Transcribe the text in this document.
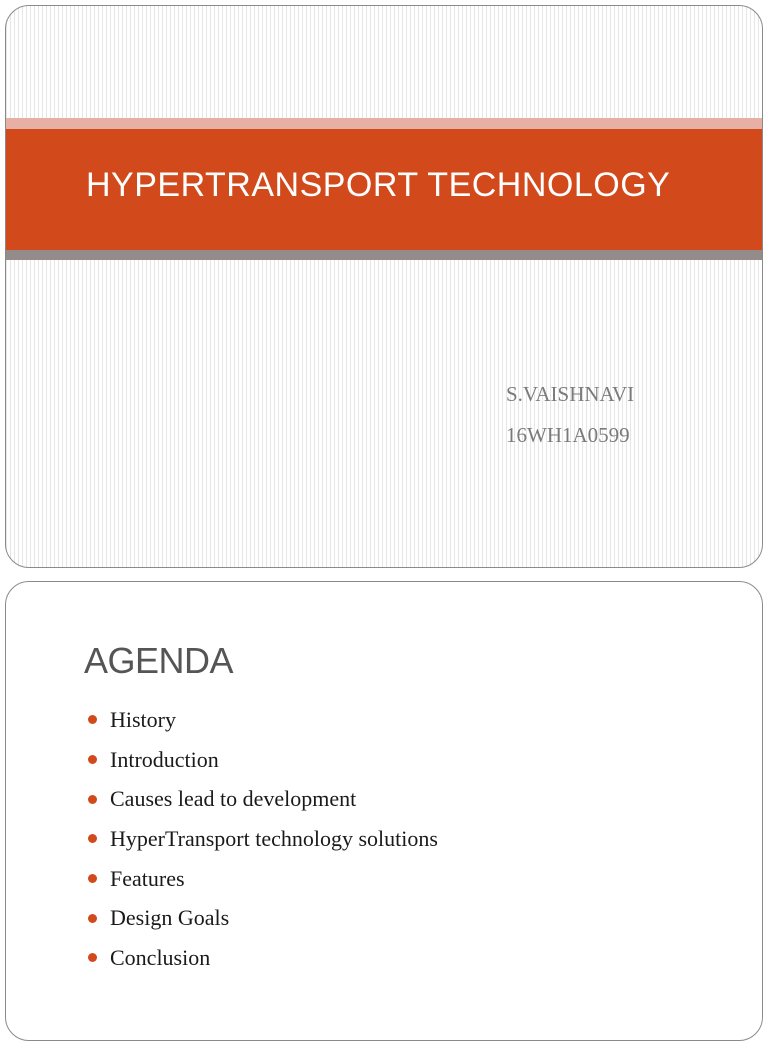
HYPERTRANSPORT TECHNOLOGY
S.VAISHNAVI
16WH1A0599
AGENDA
History
Introduction
Causes lead to development
HyperTransport technology solutions
Features
Design Goals
Conclusion
